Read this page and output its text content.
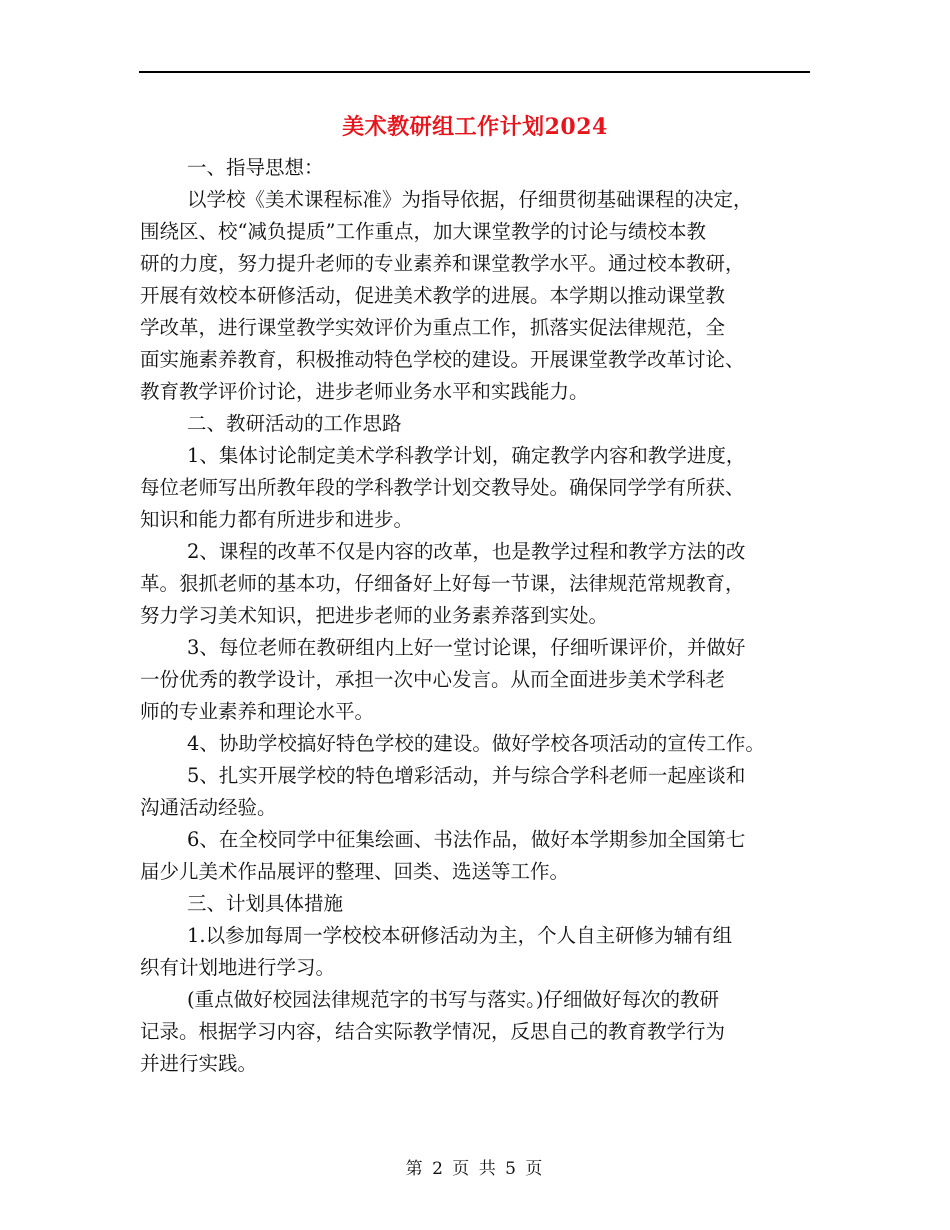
美术教研组工作计划2024
一、指导思想：
以学校《美术课程标准》为指导依据，仔细贯彻基础课程的决定，
围绕区、校“减负提质”工作重点，加大课堂教学的讨论与绩校本教
研的力度，努力提升老师的专业素养和课堂教学水平。通过校本教研，
开展有效校本研修活动，促进美术教学的进展。本学期以推动课堂教
学改革，进行课堂教学实效评价为重点工作，抓落实促法律规范，全
面实施素养教育，积极推动特色学校的建设。开展课堂教学改革讨论、
教育教学评价讨论，进步老师业务水平和实践能力。
二、教研活动的工作思路
1、集体讨论制定美术学科教学计划，确定教学内容和教学进度，
每位老师写出所教年段的学科教学计划交教导处。确保同学学有所获、
知识和能力都有所进步和进步。
2、课程的改革不仅是内容的改革，也是教学过程和教学方法的改
革。狠抓老师的基本功，仔细备好上好每一节课，法律规范常规教育，
努力学习美术知识，把进步老师的业务素养落到实处。
3、每位老师在教研组内上好一堂讨论课，仔细听课评价，并做好
一份优秀的教学设计，承担一次中心发言。从而全面进步美术学科老
师的专业素养和理论水平。
4、协助学校搞好特色学校的建设。做好学校各项活动的宣传工作。
5、扎实开展学校的特色增彩活动，并与综合学科老师一起座谈和
沟通活动经验。
6、在全校同学中征集绘画、书法作品，做好本学期参加全国第七
届少儿美术作品展评的整理、回类、选送等工作。
三、计划具体措施
1.以参加每周一学校校本研修活动为主，个人自主研修为辅有组
织有计划地进行学习。
(重点做好校园法律规范字的书写与落实。)仔细做好每次的教研
记录。根据学习内容，结合实际教学情况，反思自己的教育教学行为
并进行实践。
第 2 页 共 5 页
